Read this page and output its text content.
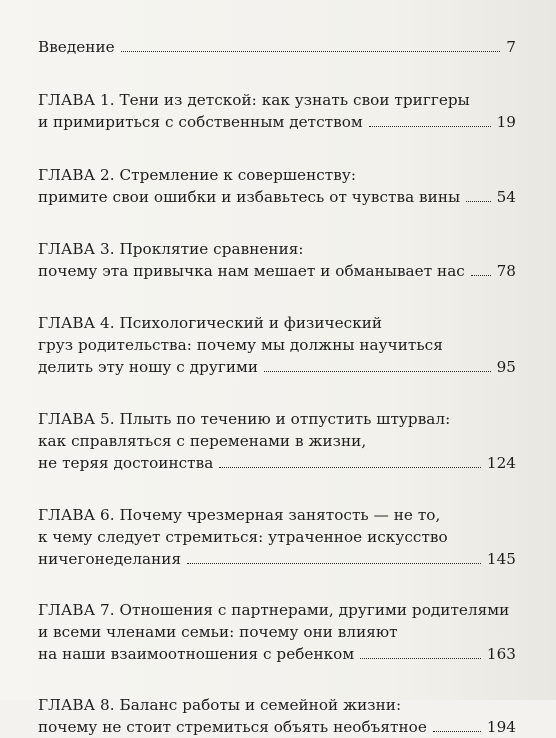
Введение	7
ГЛАВА 1. Тени из детской: как узнать свои триггеры
и примириться с собственным детством	19
ГЛАВА 2. Стремление к совершенству:
примите свои ошибки и избавьтесь от чувства вины 54
ГЛАВА 3. Проклятие сравнения:
почему эта привычка нам мешает и обманывает нас 78
ГЛАВА 4. Психологический и физический
груз родительства: почему мы должны научиться
делить эту ношу с другими	95
ГЛАВА 5. Плыть по течению и отпустить штурвал:
как справляться с переменами в жизни,
не теряя достоинства	124
ГЛАВА 6. Почему чрезмерная занятость — не то,
к чему следует стремиться: утраченное искусство
ничегонеделания	145
ГЛАВА 7. Отношения с партнерами, другими родителями
и всеми членами семьи: почему они влияют
на наши взаимоотношения с ребенком	163
ГЛАВА 8. Баланс работы и семейной жизни:
почему не стоит стремиться объять необъятное	194
